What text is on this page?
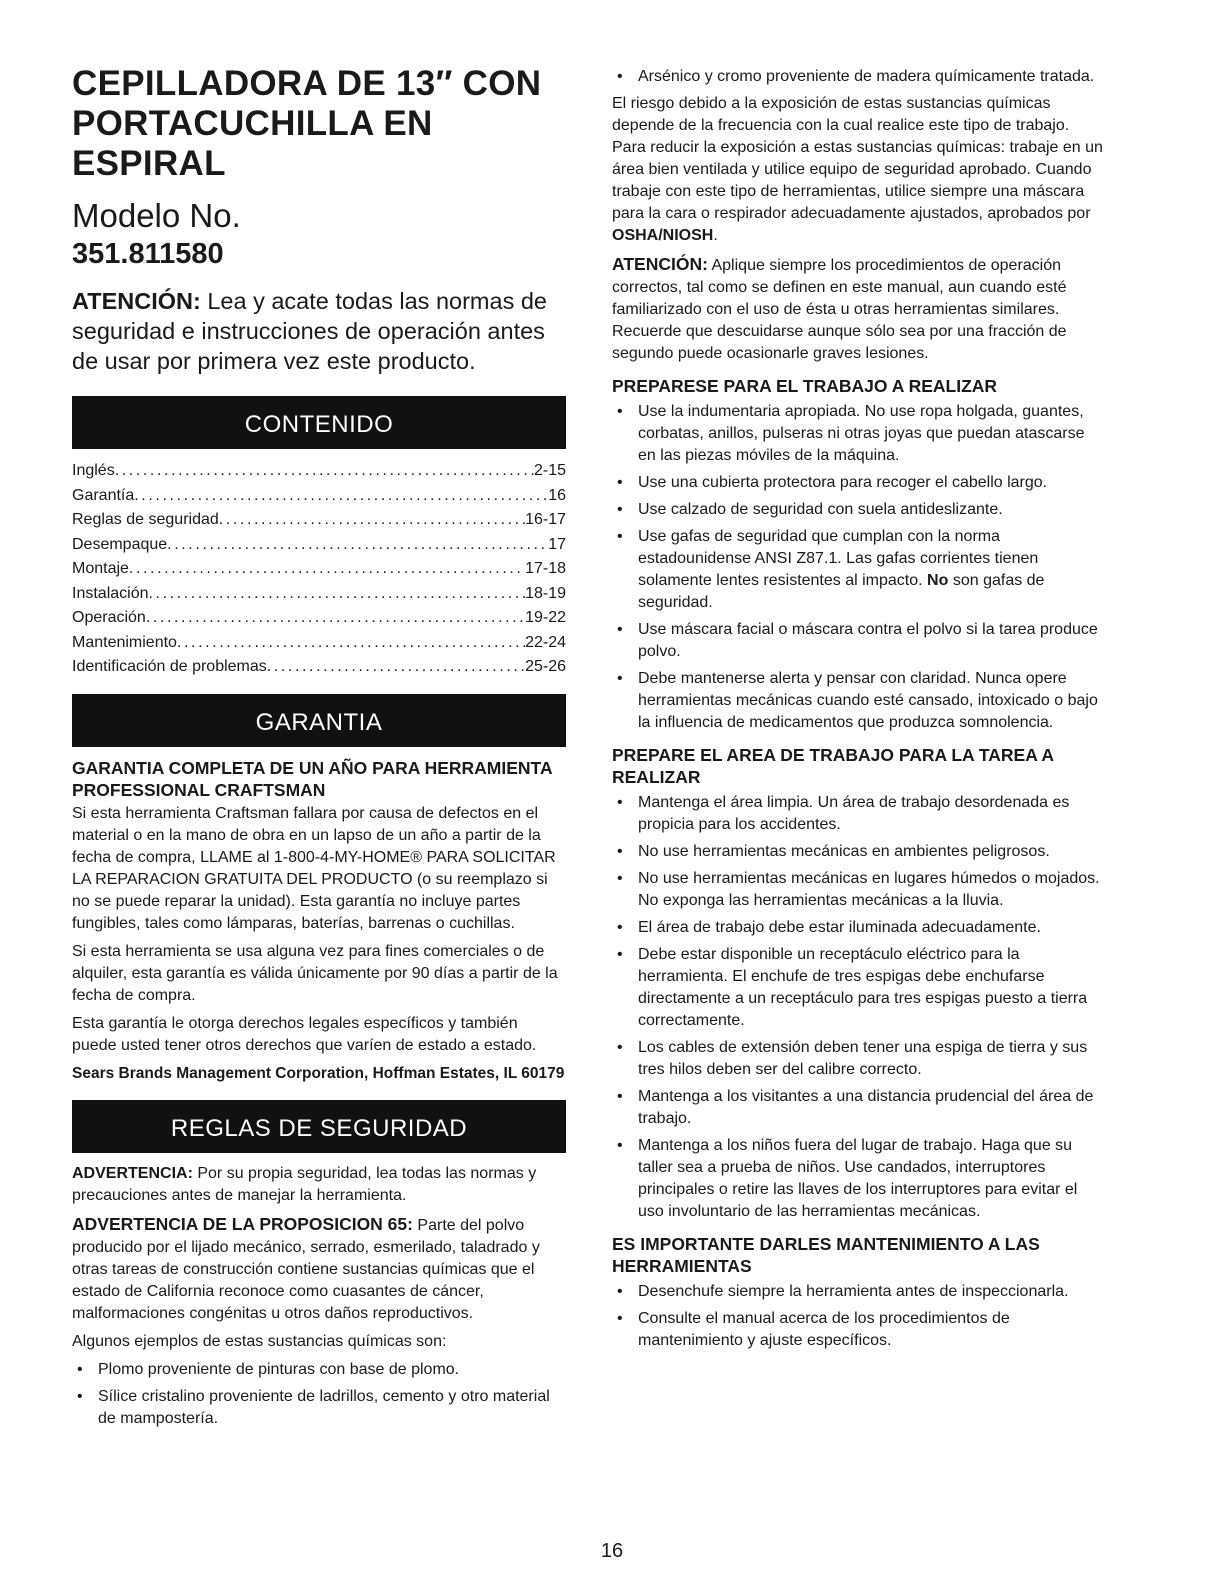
CEPILLADORA DE 13″ CON
PORTACUCHILLA EN ESPIRAL
Modelo No.
351.811580
ATENCIÓN: Lea y acate todas las normas de seguridad e instrucciones de operación antes de usar por primera vez este producto.
CONTENIDO
Inglés .....	2-15
Garantía .....	16
Reglas de seguridad .....	16-17
Desempaque .....	17
Montaje .....	17-18
Instalación .....	18-19
Operación .....	19-22
Mantenimiento .....	22-24
Identificación de problemas .....	25-26
GARANTIA
GARANTIA COMPLETA DE UN AÑO PARA HERRAMIENTA PROFESSIONAL CRAFTSMAN

Si esta herramienta Craftsman fallara por causa de defectos en el material o en la mano de obra en un lapso de un año a partir de la fecha de compra, LLAME al 1-800-4-MY-HOME® PARA SOLICITAR LA REPARACION GRATUITA DEL PRODUCTO (o su reemplazo si no se puede reparar la unidad). Esta garantía no incluye partes fungibles, tales como lámparas, baterías, barrenas o cuchillas.

Si esta herramienta se usa alguna vez para fines comerciales o de alquiler, esta garantía es válida únicamente por 90 días a partir de la fecha de compra.

Esta garantía le otorga derechos legales específicos y también puede usted tener otros derechos que varíen de estado a estado.

Sears Brands Management Corporation, Hoffman Estates, IL 60179
REGLAS DE SEGURIDAD

ADVERTENCIA: Por su propia seguridad, lea todas las normas y precauciones antes de manejar la herramienta.

ADVERTENCIA DE LA PROPOSICION 65: Parte del polvo producido por el lijado mecánico, serrado, esmerilado, taladrado y otras tareas de construcción contiene sustancias químicas que el estado de California reconoce como cuasantes de cáncer, malformaciones congénitas u otros daños reproductivos.

Algunos ejemplos de estas sustancias químicas son:

• Plomo proveniente de pinturas con base de plomo.
• Sílice cristalino proveniente de ladrillos, cemento y otro material de mampostería.
• Arsénico y cromo proveniente de madera químicamente tratada.

El riesgo debido a la exposición de estas sustancias químicas depende de la frecuencia con la cual realice este tipo de trabajo. Para reducir la exposición a estas sustancias químicas: trabaje en un área bien ventilada y utilice equipo de seguridad aprobado. Cuando trabaje con este tipo de herramientas, utilice siempre una máscara para la cara o respirador adecuadamente ajustados, aprobados por OSHA/NIOSH.

ATENCIÓN: Aplique siempre los procedimientos de operación correctos, tal como se definen en este manual, aun cuando esté familiarizado con el uso de ésta u otras herramientas similares. Recuerde que descuidarse aunque sólo sea por una fracción de segundo puede ocasionarle graves lesiones.

PREPARESE PARA EL TRABAJO A REALIZAR
• Use la indumentaria apropiada. No use ropa holgada, guantes, corbatas, anillos, pulseras ni otras joyas que puedan atascarse en las piezas móviles de la máquina.
• Use una cubierta protectora para recoger el cabello largo.
• Use calzado de seguridad con suela antideslizante.
• Use gafas de seguridad que cumplan con la norma estadounidense ANSI Z87.1. Las gafas corrientes tienen solamente lentes resistentes al impacto. No son gafas de seguridad.
• Use máscara facial o máscara contra el polvo si la tarea produce polvo.
• Debe mantenerse alerta y pensar con claridad. Nunca opere herramientas mecánicas cuando esté cansado, intoxicado o bajo la influencia de medicamentos que produzca somnolencia.
PREPARE EL AREA DE TRABAJO PARA LA TAREA A REALIZAR
• Mantenga el área limpia. Un área de trabajo desordenada es propicia para los accidentes.
• No use herramientas mecánicas en ambientes peligrosos.
• No use herramientas mecánicas en lugares húmedos o mojados. No exponga las herramientas mecánicas a la lluvia.
• El área de trabajo debe estar iluminada adecuadamente.
• Debe estar disponible un receptáculo eléctrico para la herramienta. El enchufe de tres espigas debe enchufarse directamente a un receptáculo para tres espigas puesto a tierra correctamente.
• Los cables de extensión deben tener una espiga de tierra y sus tres hilos deben ser del calibre correcto.
• Mantenga a los visitantes a una distancia prudencial del área de trabajo.
• Mantenga a los niños fuera del lugar de trabajo. Haga que su taller sea a prueba de niños. Use candados, interruptores principales o retire las llaves de los interruptores para evitar el uso involuntario de las herramientas mecánicas.
ES IMPORTANTE DARLES MANTENIMIENTO A LAS HERRAMIENTAS
• Desenchufe siempre la herramienta antes de inspeccionarla.
• Consulte el manual acerca de los procedimientos de mantenimiento y ajuste específicos.
16
